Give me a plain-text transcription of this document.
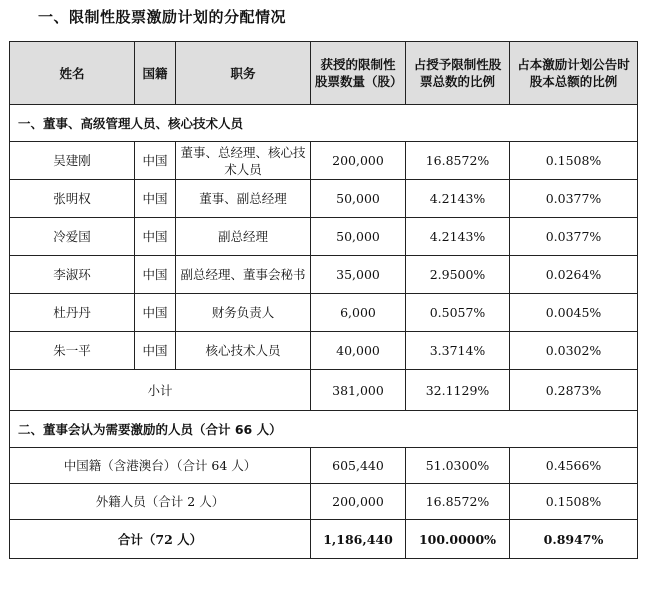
一、限制性股票激励计划的分配情况
姓名	国籍	职务	获授的限制性股票数量（股）	占授予限制性股票总数的比例	占本激励计划公告时股本总额的比例
一、董事、高级管理人员、核心技术人员					
吴建刚	中国	董事、总经理、核心技术人员	200,000	16.8572%	0.1508%
张明权	中国	董事、副总经理	50,000	4.2143%	0.0377%
冷爱国	中国	副总经理	50,000	4.2143%	0.0377%
李淑环	中国	副总经理、董事会秘书	35,000	2.9500%	0.0264%
杜丹丹	中国	财务负责人	6,000	0.5057%	0.0045%
朱一平	中国	核心技术人员	40,000	3.3714%	0.0302%
小计			381,000	32.1129%	0.2873%
二、董事会认为需要激励的人员（合计 66 人）					
中国籍（含港澳台）（合计 64 人）			605,440	51.0300%	0.4566%
外籍人员（合计 2 人）			200,000	16.8572%	0.1508%
合计（72 人）			1,186,440	100.0000%	0.8947%
